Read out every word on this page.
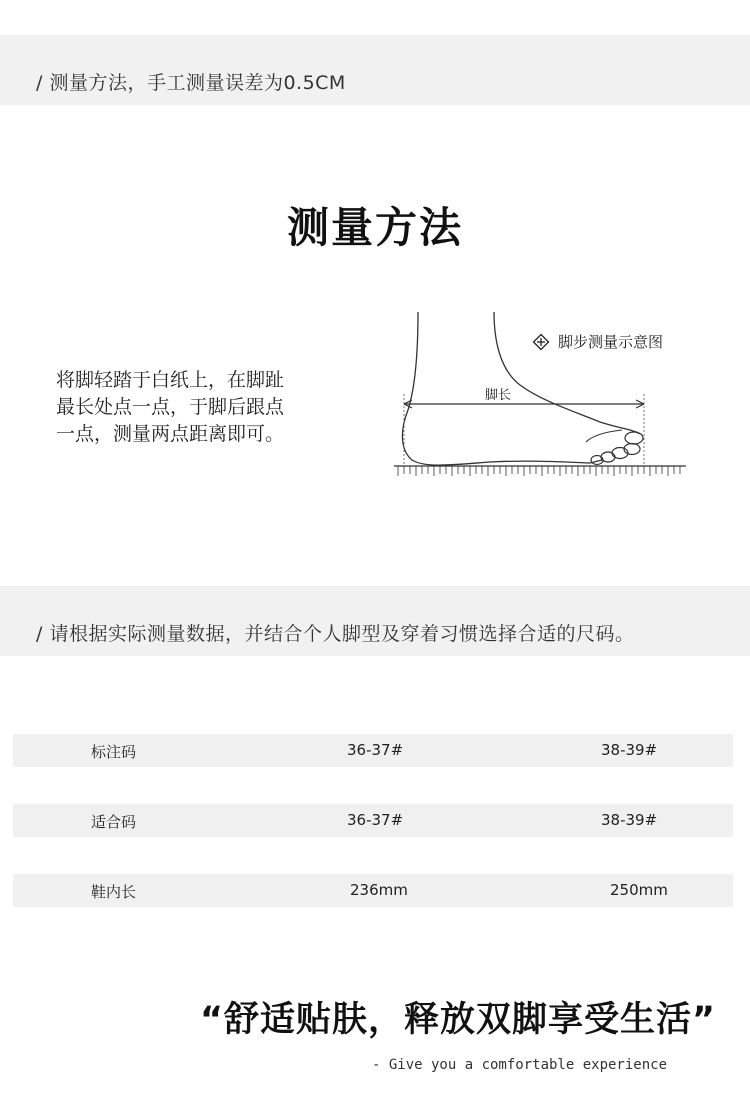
/ 测量方法，手工测量误差为0.5CM
测量方法
将脚轻踏于白纸上，在脚趾
最长处点一点，于脚后跟点
一点，测量两点距离即可。
脚步测量示意图
脚长
/ 请根据实际测量数据，并结合个人脚型及穿着习惯选择合适的尺码。
标注码	36-37#	38-39#
适合码	36-37#	38-39#
鞋内长	236mm	250mm
“舒适贴肤，释放双脚享受生活”
- Give you a comfortable experience
